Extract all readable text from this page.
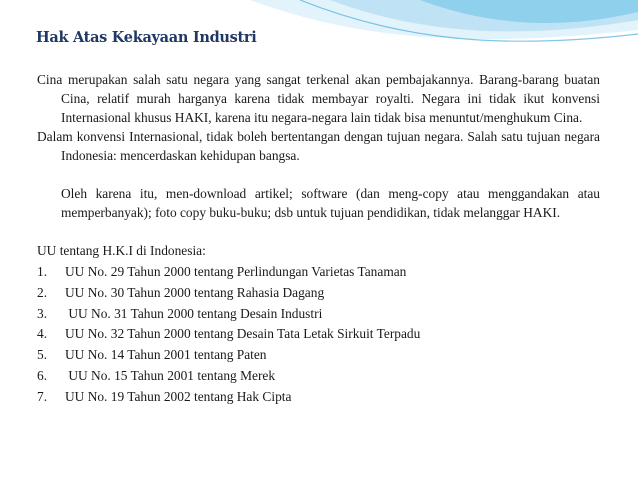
Hak Atas Kekayaan Industri

Cina merupakan salah satu negara yang sangat terkenal akan pembajakannya. Barang-barang buatan Cina, relatif murah harganya karena tidak membayar royalti. Negara ini tidak ikut konvensi Internasional khusus HAKI, karena itu negara-negara lain tidak bisa menuntut/menghukum Cina.

Dalam konvensi Internasional, tidak boleh bertentangan dengan tujuan negara. Salah satu tujuan negara Indonesia: mencerdaskan kehidupan bangsa.

Oleh karena itu, men-download artikel; software (dan meng-copy atau menggandakan atau memperbanyak); foto copy buku-buku; dsb untuk tujuan pendidikan, tidak melanggar HAKI.

UU tentang H.K.I di Indonesia:

1. UU No. 29 Tahun 2000 tentang Perlindungan Varietas Tanaman
2. UU No. 30 Tahun 2000 tentang Rahasia Dagang
3. UU No. 31 Tahun 2000 tentang Desain Industri
4. UU No. 32 Tahun 2000 tentang Desain Tata Letak Sirkuit Terpadu
5. UU No. 14 Tahun 2001 tentang Paten
6. UU No. 15 Tahun 2001 tentang Merek
7. UU No. 19 Tahun 2002 tentang Hak Cipta
